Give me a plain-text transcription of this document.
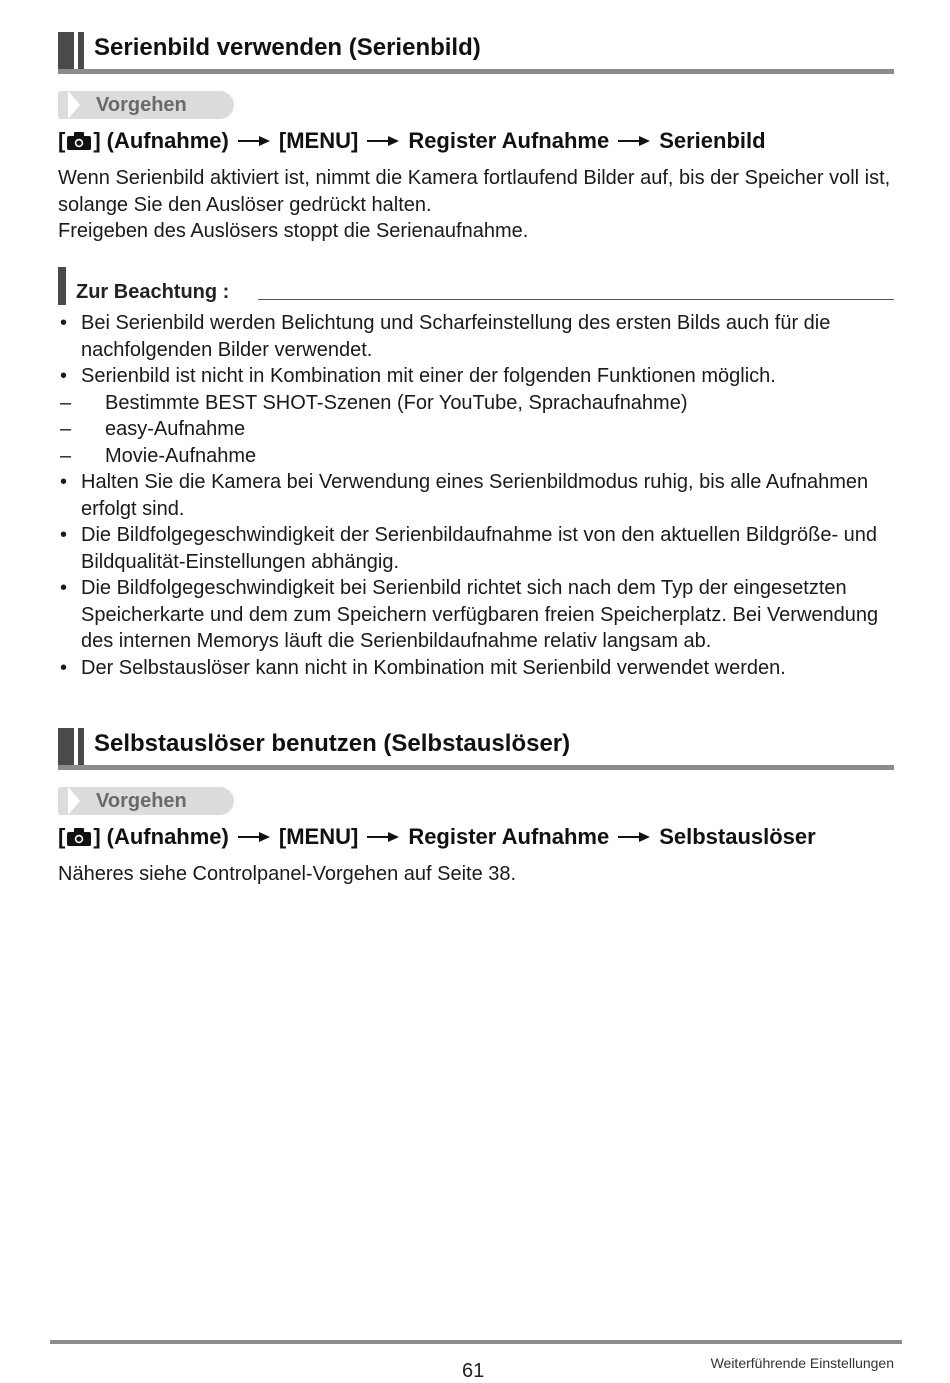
Serienbild verwenden (Serienbild)
Vorgehen
[ ] (Aufnahme) [MENU] Register Aufnahme Serienbild

Wenn Serienbild aktiviert ist, nimmt die Kamera fortlaufend Bilder auf, bis der Speicher voll ist, solange Sie den Auslöser gedrückt halten.

Freigeben des Auslösers stoppt die Serienaufnahme.

Zur Beachtung :
• Bei Serienbild werden Belichtung und Scharfeinstellung des ersten Bilds auch für die nachfolgenden Bilder verwendet.
• Serienbild ist nicht in Kombination mit einer der folgenden Funktionen möglich.
– Bestimmte BEST SHOT-Szenen (For YouTube, Sprachaufnahme)
– easy-Aufnahme
– Movie-Aufnahme
• Halten Sie die Kamera bei Verwendung eines Serienbildmodus ruhig, bis alle Aufnahmen erfolgt sind.
• Die Bildfolgegeschwindigkeit der Serienbildaufnahme ist von den aktuellen Bildgröße- und Bildqualität-Einstellungen abhängig.
• Die Bildfolgegeschwindigkeit bei Serienbild richtet sich nach dem Typ der eingesetzten Speicherkarte und dem zum Speichern verfügbaren freien Speicherplatz. Bei Verwendung des internen Memorys läuft die Serienbildaufnahme relativ langsam ab.
• Der Selbstauslöser kann nicht in Kombination mit Serienbild verwendet werden.
Selbstauslöser benutzen (Selbstauslöser)
Vorgehen
[ ] (Aufnahme) [MENU] Register Aufnahme Selbstauslöser

Näheres siehe Controlpanel-Vorgehen auf Seite 38.

61	Weiterführende Einstellungen
